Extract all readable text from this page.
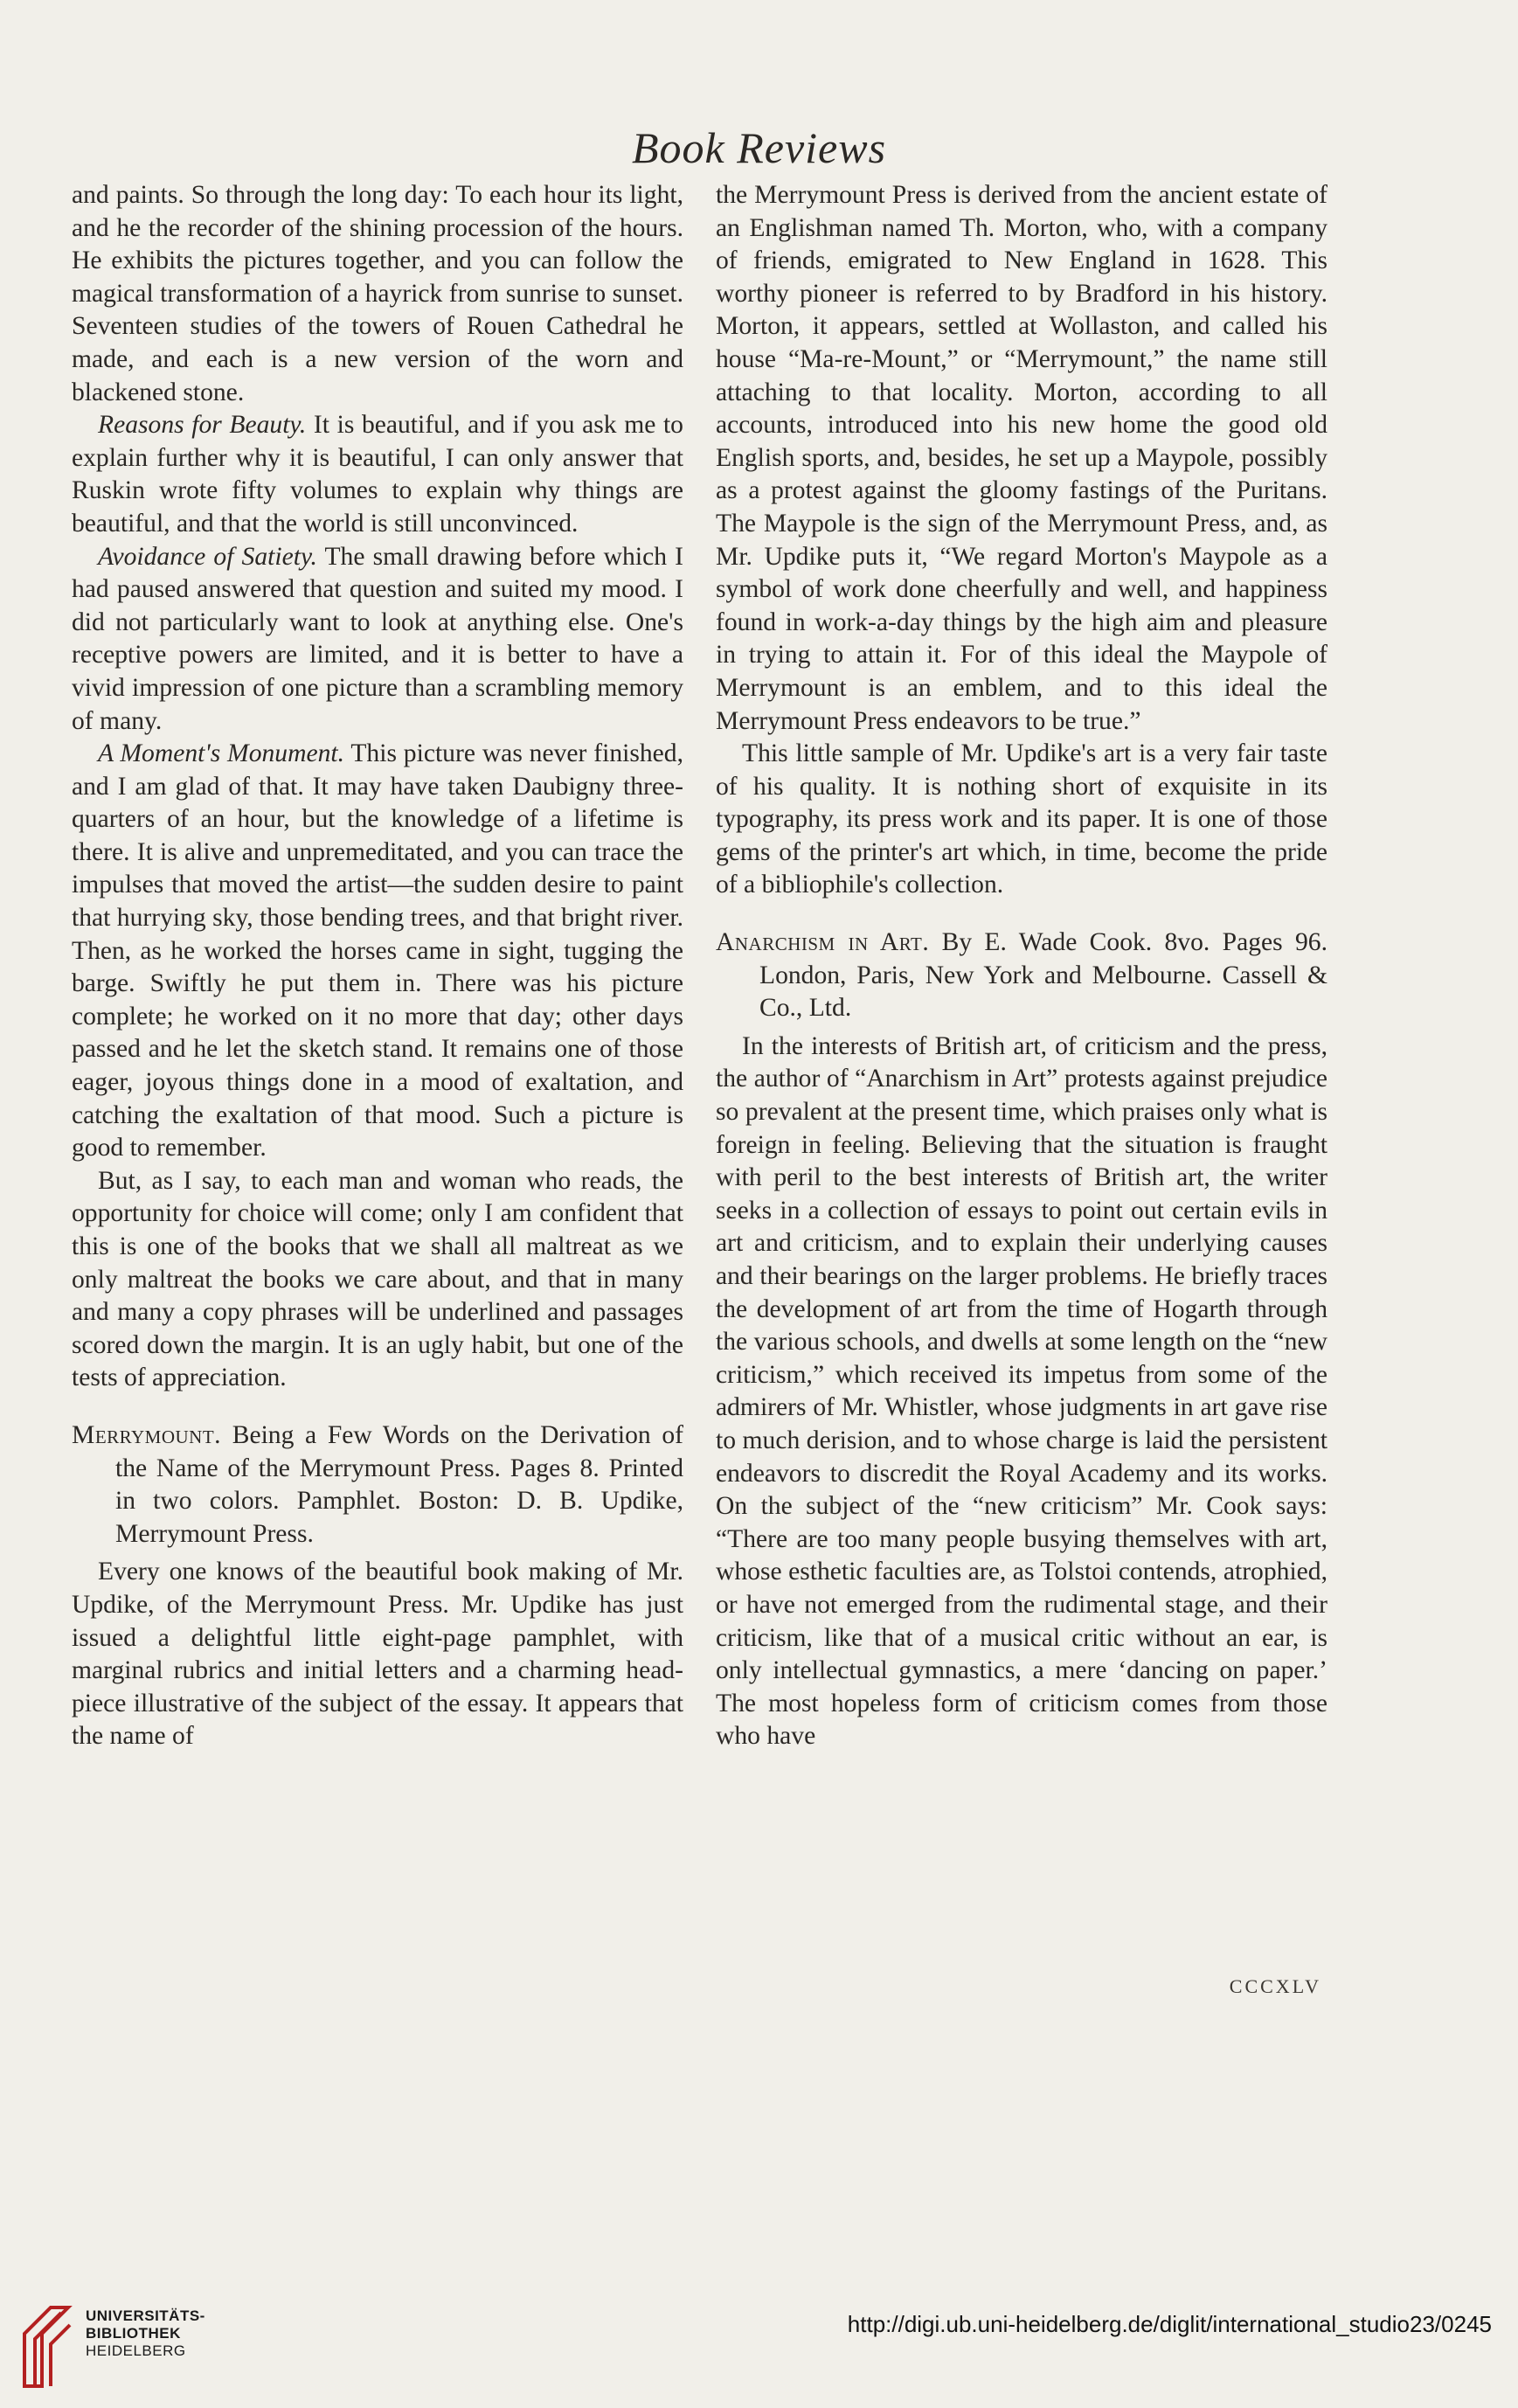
Book Reviews

and paints. So through the long day: To each hour its light, and he the recorder of the shining procession of the hours. He exhibits the pictures together, and you can follow the magical transformation of a hayrick from sunrise to sunset. Seventeen studies of the towers of Rouen Cathedral he made, and each is a new version of the worn and blackened stone.

Reasons for Beauty. It is beautiful, and if you ask me to explain further why it is beautiful, I can only answer that Ruskin wrote fifty volumes to explain why things are beautiful, and that the world is still unconvinced.

Avoidance of Satiety. The small drawing before which I had paused answered that question and suited my mood. I did not particularly want to look at anything else. One's receptive powers are limited, and it is better to have a vivid impression of one picture than a scrambling memory of many.

A Moment's Monument. This picture was never finished, and I am glad of that. It may have taken Daubigny three-quarters of an hour, but the knowledge of a lifetime is there. It is alive and unpremeditated, and you can trace the impulses that moved the artist—the sudden desire to paint that hurrying sky, those bending trees, and that bright river. Then, as he worked the horses came in sight, tugging the barge. Swiftly he put them in. There was his picture complete; he worked on it no more that day; other days passed and he let the sketch stand. It remains one of those eager, joyous things done in a mood of exaltation, and catching the exaltation of that mood. Such a picture is good to remember.

But, as I say, to each man and woman who reads, the opportunity for choice will come; only I am confident that this is one of the books that we shall all maltreat as we only maltreat the books we care about, and that in many and many a copy phrases will be underlined and passages scored down the margin. It is an ugly habit, but one of the tests of appreciation.

Merrymount. Being a Few Words on the Derivation of the Name of the Merrymount Press. Pages 8. Printed in two colors. Pamphlet. Boston: D. B. Updike, Merrymount Press.

Every one knows of the beautiful book making of Mr. Updike, of the Merrymount Press. Mr. Updike has just issued a delightful little eight-page pamphlet, with marginal rubrics and initial letters and a charming head-piece illustrative of the subject of the essay. It appears that the name of

the Merrymount Press is derived from the ancient estate of an Englishman named Th. Morton, who, with a company of friends, emigrated to New England in 1628. This worthy pioneer is referred to by Bradford in his history. Morton, it appears, settled at Wollaston, and called his house “Ma-re-Mount,” or “Merrymount,” the name still attaching to that locality. Morton, according to all accounts, introduced into his new home the good old English sports, and, besides, he set up a Maypole, possibly as a protest against the gloomy fastings of the Puritans. The Maypole is the sign of the Merrymount Press, and, as Mr. Updike puts it, “We regard Morton's Maypole as a symbol of work done cheerfully and well, and happiness found in work-a-day things by the high aim and pleasure in trying to attain it. For of this ideal the Maypole of Merrymount is an emblem, and to this ideal the Merrymount Press endeavors to be true.”

This little sample of Mr. Updike's art is a very fair taste of his quality. It is nothing short of exquisite in its typography, its press work and its paper. It is one of those gems of the printer's art which, in time, become the pride of a bibliophile's collection.

Anarchism in Art. By E. Wade Cook. 8vo. Pages 96. London, Paris, New York and Melbourne. Cassell & Co., Ltd.

In the interests of British art, of criticism and the press, the author of “Anarchism in Art” protests against prejudice so prevalent at the present time, which praises only what is foreign in feeling. Believing that the situation is fraught with peril to the best interests of British art, the writer seeks in a collection of essays to point out certain evils in art and criticism, and to explain their underlying causes and their bearings on the larger problems. He briefly traces the development of art from the time of Hogarth through the various schools, and dwells at some length on the “new criticism,” which received its impetus from some of the admirers of Mr. Whistler, whose judgments in art gave rise to much derision, and to whose charge is laid the persistent endeavors to discredit the Royal Academy and its works. On the subject of the “new criticism” Mr. Cook says: “There are too many people busying themselves with art, whose esthetic faculties are, as Tolstoi contends, atrophied, or have not emerged from the rudimental stage, and their criticism, like that of a musical critic without an ear, is only intellectual gymnastics, a mere ‘dancing on paper.’ The most hopeless form of criticism comes from those who have

CCCXLV
UNIVERSITÄTS-
BIBLIOTHEK
HEIDELBERG
http://digi.ub.uni-heidelberg.de/diglit/international_studio23/0245
